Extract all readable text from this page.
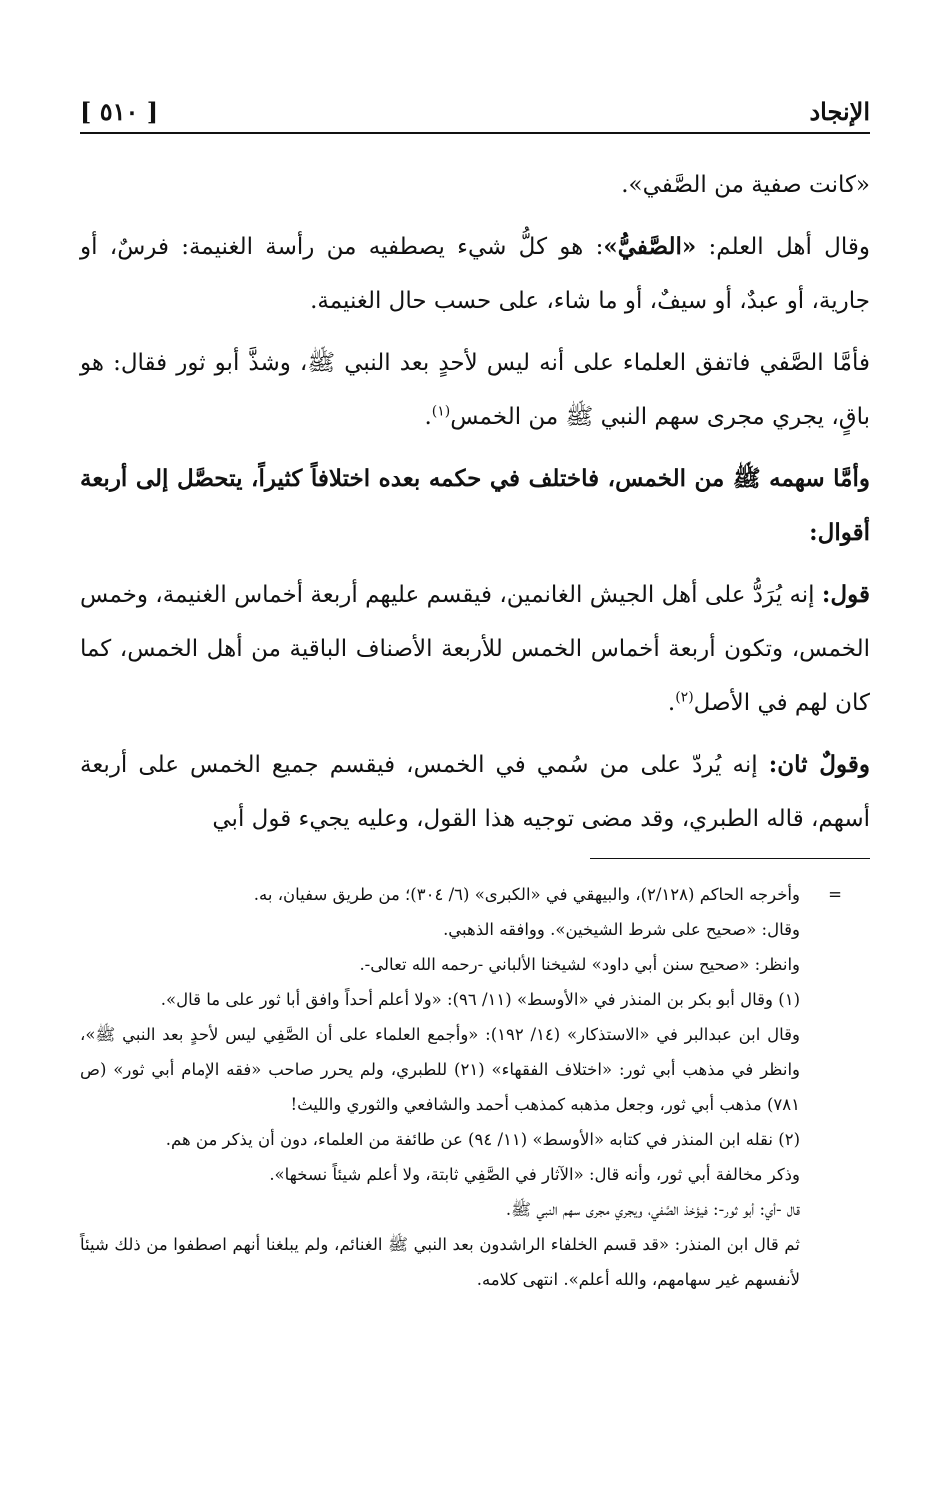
الإنجاد
[ ٥١٠ ]

«كانت صفية من الصَّفي».

وقال أهل العلم: «الصَّفيُّ»: هو كلُّ شيء يصطفيه من رأسة الغنيمة: فرسٌ، أو جارية، أو عبدٌ، أو سيفٌ، أو ما شاء، على حسب حال الغنيمة.

فأمَّا الصَّفي فاتفق العلماء على أنه ليس لأحدٍ بعد النبي ﷺ، وشذَّ أبو ثور فقال: هو باقٍ، يجري مجرى سهم النبي ﷺ من الخمس$^{(١)}$.

وأمَّا سهمه ﷺ من الخمس، فاختلف في حكمه بعده اختلافاً كثيراً، يتحصَّل إلى أربعة أقوال:

قول: إنه يُرَدُّ على أهل الجيش الغانمين، فيقسم عليهم أربعة أخماس الغنيمة، وخمس الخمس، وتكون أربعة أخماس الخمس للأربعة الأصناف الباقية من أهل الخمس، كما كان لهم في الأصل$^{(٢)}$.

وقولٌ ثان: إنه يُردّ على من سُمي في الخمس، فيقسم جميع الخمس على أربعة أسهم، قاله الطبري، وقد مضى توجيه هذا القول، وعليه يجيء قول أبي

=

وأخرجه الحاكم (٢/١٢٨)، والبيهقي في «الكبرى» (٦/ ٣٠٤)؛ من طريق سفيان، به.

وقال: «صحيح على شرط الشيخين». ووافقه الذهبي.

وانظر: «صحيح سنن أبي داود» لشيخنا الألباني -رحمه الله تعالى-.

(١) وقال أبو بكر بن المنذر في «الأوسط» (١١/ ٩٦): «ولا أعلم أحداً وافق أبا ثور على ما قال».

وقال ابن عبدالبر في «الاستذكار» (١٤/ ١٩٢): «وأجمع العلماء على أن الصَّفِي ليس لأحدٍ بعد النبي ﷺ»، وانظر في مذهب أبي ثور: «اختلاف الفقهاء» (٢١) للطبري، ولم يحرر صاحب «فقه الإمام أبي ثور» (ص ٧٨١) مذهب أبي ثور، وجعل مذهبه كمذهب أحمد والشافعي والثوري والليث!

(٢) نقله ابن المنذر في كتابه «الأوسط» (١١/ ٩٤) عن طائفة من العلماء، دون أن يذكر من هم.

وذكر مخالفة أبي ثور، وأنه قال: «الآثار في الصَّفِي ثابتة، ولا أعلم شيئاً نسخها».

قال -أي: أبو ثور-: فيؤخذ الصَّفي، ويجري مجرى سهم النبي ﷺ.

ثم قال ابن المنذر: «قد قسم الخلفاء الراشدون بعد النبي ﷺ الغنائم، ولم يبلغنا أنهم اصطفوا من ذلك شيئاً لأنفسهم غير سهامهم، والله أعلم». انتهى كلامه.
